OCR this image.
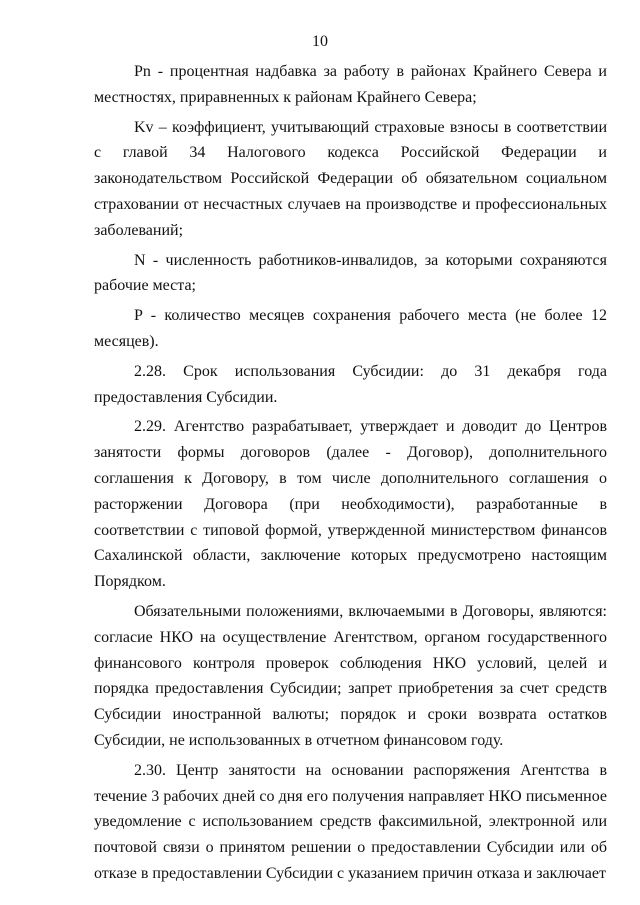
10

Pn - процентная надбавка за работу в районах Крайнего Севера и местностях, приравненных к районам Крайнего Севера;

Kv – коэффициент, учитывающий страховые взносы в соответствии с главой 34 Налогового кодекса Российской Федерации и законодательством Российской Федерации об обязательном социальном страховании от несчастных случаев на производстве и профессиональных заболеваний;

N - численность работников-инвалидов, за которыми сохраняются рабочие места;

P - количество месяцев сохранения рабочего места (не более 12 месяцев).

2.28. Срок использования Субсидии: до 31 декабря года предоставления Субсидии.

2.29. Агентство разрабатывает, утверждает и доводит до Центров занятости формы договоров (далее - Договор), дополнительного соглашения к Договору, в том числе дополнительного соглашения о расторжении Договора (при необходимости), разработанные в соответствии с типовой формой, утвержденной министерством финансов Сахалинской области, заключение которых предусмотрено настоящим Порядком.

Обязательными положениями, включаемыми в Договоры, являются: согласие НКО на осуществление Агентством, органом государственного финансового контроля проверок соблюдения НКО условий, целей и порядка предоставления Субсидии; запрет приобретения за счет средств Субсидии иностранной валюты; порядок и сроки возврата остатков Субсидии, не использованных в отчетном финансовом году.

2.30. Центр занятости на основании распоряжения Агентства в течение 3 рабочих дней со дня его получения направляет НКО письменное уведомление с использованием средств факсимильной, электронной или почтовой связи о принятом решении о предоставлении Субсидии или об отказе в предоставлении Субсидии с указанием причин отказа и заключает
